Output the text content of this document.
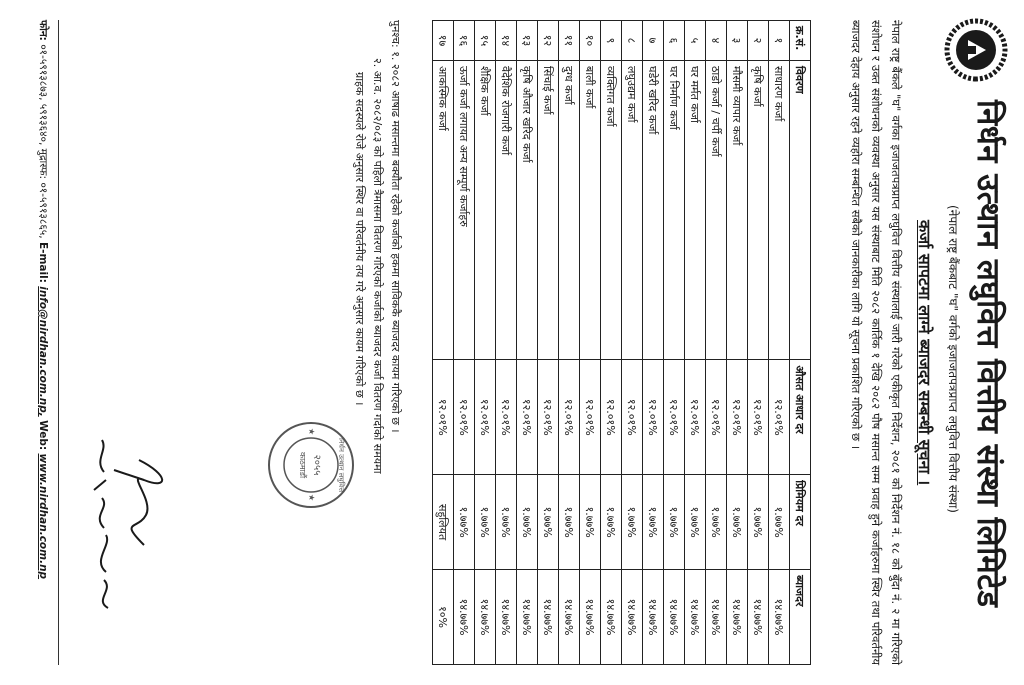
निर्धन उत्थान लघुवित्त वित्तीय संस्था लिमिटेड
(नेपाल राष्ट्र बैंकबाट "घ" वर्गको इजाजतपत्रप्राप्त लघुवित्त वित्तीय संस्था)
कर्जा सापटमा लाग्ने ब्याजदर सम्बन्धी सूचना ।
नेपाल राष्ट्र बैंकले "घ" वर्गका इजाजतपत्रप्राप्त लघुवित्त वित्तीय संस्थालाई जारी गरेको एकीकृत निर्देशन, २०८१ को निर्देशन नं. १८ को बुँदा नं. २ मा गरिएको संशोधन र उक्त संशोधनको व्यवस्था अनुसार यस संस्थाबाट मिति २०८२ कार्तिक १ देखि २०८२ पौष मसान्त सम्म प्रवाह हुने कर्जाहरुमा स्थिर तथा परिवर्तनीय ब्याजदर देहाय अनुसार रहने व्यहोरा सम्बन्धित सबैको जानकारीका लागि यो सूचना प्रकाशित गरिएको छ ।
क्र.सं.	विवरण	औसत आधार दर	प्रिमियम दर	ब्याजदर
१	साधारण कर्जा	१२.०१%	१.७७%	१४.७७%
२	कृषि कर्जा	१२.०१%	१.७७%	१४.७७%
३	मौसमी व्यापार कर्जा	१२.०१%	१.७७%	१४.७७%
४	ठाडो कर्जा / चर्पी कर्जा	१२.०१%	१.७७%	१४.७७%
५	घर मर्मत कर्जा	१२.०१%	१.७७%	१४.७७%
६	घर निर्माण कर्जा	१२.०१%	१.७७%	१४.७७%
७	घडेरी खरिद कर्जा	१२.०१%	१.७७%	१४.७७%
८	लघुउद्यम कर्जा	१२.०१%	१.७७%	१४.७७%
९	व्यक्तिगत कर्जा	१२.०१%	१.७७%	१४.७७%
१०	बाली कर्जा	१२.०१%	१.७७%	१४.७७%
११	दुग्ध कर्जा	१२.०१%	१.७७%	१४.७७%
१२	सिंचाई कर्जा	१२.०१%	१.७७%	१४.७७%
१३	कृषि औजार खरिद कर्जा	१२.०१%	१.७७%	१४.७७%
१४	वैदेशिक रोजगारी कर्जा	१२.०१%	१.७७%	१४.७७%
१५	शैक्षिक कर्जा	१२.०१%	१.७७%	१४.७७%
१६	ऊर्जा कर्जा लगायत अन्य सम्पूर्ण कर्जाहरु	१२.०१%	१.७७%	१४.७७%
१७	आकस्मिक कर्जा	१२.०१%	सहुलियत	१०%

पुनश्च: १. २०८२ आषाढ मसान्तमा बक्यौता रहेको कर्जाको हकमा साविककै ब्याजदर कायम गरिएको छ ।

२. आ.व. २०८२/०८३ को पहिलो त्रैमासमा वितरण गरिएको कर्जाको ब्याजदर कर्जा वितरण गर्दाको समयमा

ग्राहक सदस्यले रोजे अनुसार स्थिर वा परिवर्तनीय तय गरे अनुसार कायम गरिएको छ ।

निर्धन उत्थान लघुवित्त
२०५५
काठमाडौं
★
★
फोन: ०१-५९१३८७३, ५९१३६४०, मुद्रास्फ: ०१-५९१३८६५, E-mail: info@nirdhan.com.np, Web: www.nirdhan.com.np
